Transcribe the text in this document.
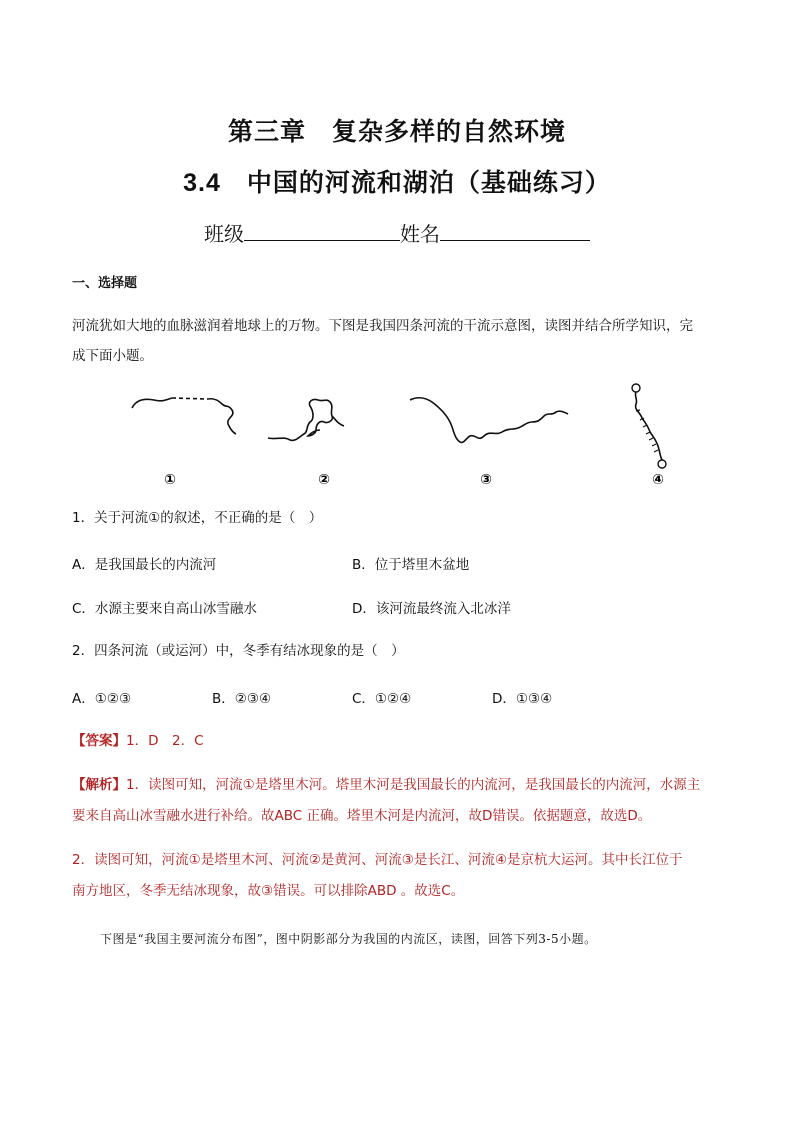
第三章　复杂多样的自然环境
3.4　 中国的河流和湖泊（基础练习）
班级	姓名
一、选择题
河流犹如大地的血脉滋润着地球上的万物。下图是我国四条河流的干流示意图，读图并结合所学知识，完
成下面小题。
①	②	③	④
1．关于河流①的叙述，不正确的是（　）
A．是我国最长的内流河	B．位于塔里木盆地
C．水源主要来自高山冰雪融水	D．该河流最终流入北冰洋
2．四条河流（或运河）中，冬季有结冰现象的是（　）
A．①②③	B．②③④	C．①②④	D．①③④
【答案】1．D　2．C
【解析】1．读图可知，河流①是塔里木河。塔里木河是我国最长的内流河，是我国最长的内流河，水源主
要来自高山冰雪融水进行补给。故ABC 正确。塔里木河是内流河，故D错误。依据题意，故选D。
2．读图可知，河流①是塔里木河、河流②是黄河、河流③是长江、河流④是京杭大运河。其中长江位于
南方地区，冬季无结冰现象，故③错误。可以排除ABD 。故选C。
下图是“我国主要河流分布图”，图中阴影部分为我国的内流区，读图，回答下列3-5小题。
